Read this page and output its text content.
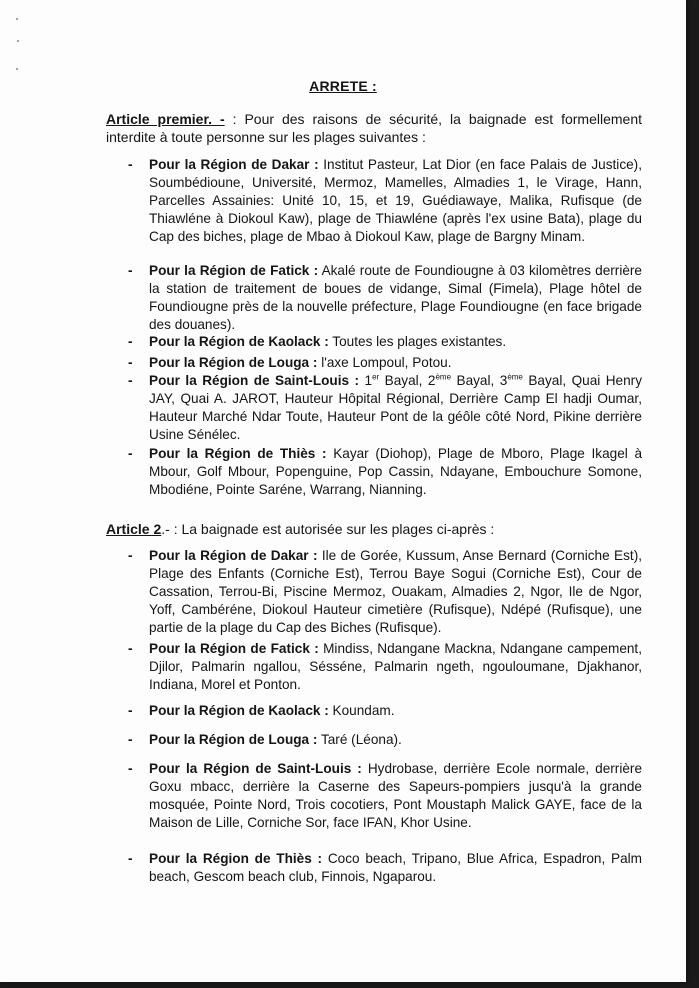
ARRETE :
Article premier. - : Pour des raisons de sécurité, la baignade est formellement interdite à toute personne sur les plages suivantes :
- Pour la Région de Dakar : Institut Pasteur, Lat Dior (en face Palais de Justice), Soumbédioune, Université, Mermoz, Mamelles, Almadies 1, le Virage, Hann, Parcelles Assainies: Unité 10, 15, et 19, Guédiawaye, Malika, Rufisque (de Thiawléne à Diokoul Kaw), plage de Thiawléne (après l'ex usine Bata), plage du Cap des biches, plage de Mbao à Diokoul Kaw, plage de Bargny Minam.
- Pour la Région de Fatick : Akalé route de Foundiougne à 03 kilomètres derrière la station de traitement de boues de vidange, Simal (Fimela), Plage hôtel de Foundiougne près de la nouvelle préfecture, Plage Foundiougne (en face brigade des douanes).
- Pour la Région de Kaolack : Toutes les plages existantes.
- Pour la Région de Louga : l'axe Lompoul, Potou.
- Pour la Région de Saint-Louis : 1er Bayal, 2ème Bayal, 3ème Bayal, Quai Henry JAY, Quai A. JAROT, Hauteur Hôpital Régional, Derrière Camp El hadji Oumar, Hauteur Marché Ndar Toute, Hauteur Pont de la géôle côté Nord, Pikine derrière Usine Sénélec.
- Pour la Région de Thiès : Kayar (Diohop), Plage de Mboro, Plage Ikagel à Mbour, Golf Mbour, Popenguine, Pop Cassin, Ndayane, Embouchure Somone, Mbodiéne, Pointe Saréne, Warrang, Nianning.
Article 2.- : La baignade est autorisée sur les plages ci-après :
- Pour la Région de Dakar : Ile de Gorée, Kussum, Anse Bernard (Corniche Est), Plage des Enfants (Corniche Est), Terrou Baye Sogui (Corniche Est), Cour de Cassation, Terrou-Bi, Piscine Mermoz, Ouakam, Almadies 2, Ngor, Ile de Ngor, Yoff, Cambéréne, Diokoul Hauteur cimetière (Rufisque), Ndépé (Rufisque), une partie de la plage du Cap des Biches (Rufisque).
- Pour la Région de Fatick : Mindiss, Ndangane Mackna, Ndangane campement, Djilor, Palmarin ngallou, Sésséne, Palmarin ngeth, ngouloumane, Djakhanor, Indiana, Morel et Ponton.
- Pour la Région de Kaolack : Koundam.
- Pour la Région de Louga : Taré (Léona).
- Pour la Région de Saint-Louis : Hydrobase, derrière Ecole normale, derrière Goxu mbacc, derrière la Caserne des Sapeurs-pompiers jusqu'à la grande mosquée, Pointe Nord, Trois cocotiers, Pont Moustaph Malick GAYE, face de la Maison de Lille, Corniche Sor, face IFAN, Khor Usine.
- Pour la Région de Thiès : Coco beach, Tripano, Blue Africa, Espadron, Palm beach, Gescom beach club, Finnois, Ngaparou.
